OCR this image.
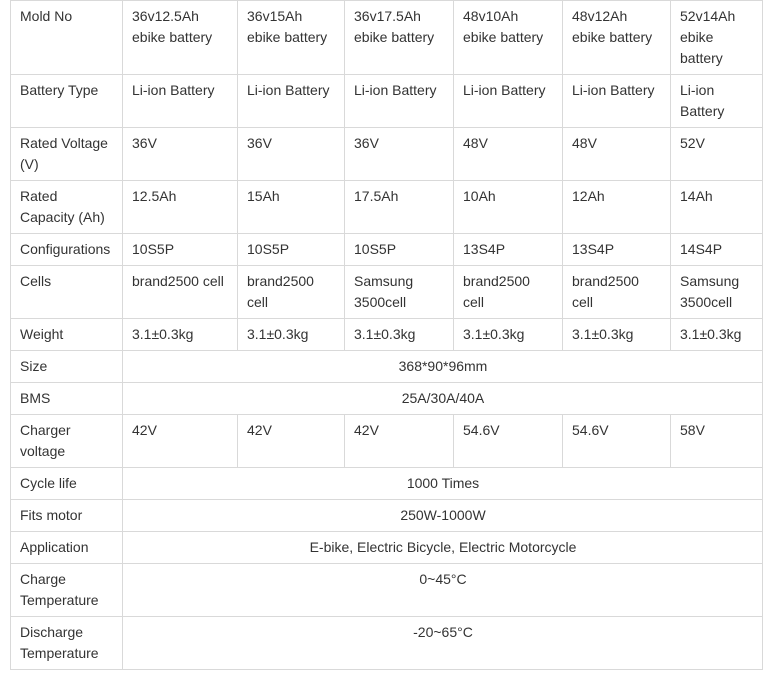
Mold No	36v12.5Ah ebike battery	36v15Ah ebike battery	36v17.5Ah ebike battery	48v10Ah ebike battery	48v12Ah ebike battery	52v14Ah ebike battery
Battery Type	Li-ion Battery	Li-ion Battery	Li-ion Battery	Li-ion Battery	Li-ion Battery	Li-ion Battery
Rated Voltage (V)	36V	36V	36V	48V	48V	52V
Rated Capacity (Ah)	12.5Ah	15Ah	17.5Ah	10Ah	12Ah	14Ah
Configurations	10S5P	10S5P	10S5P	13S4P	13S4P	14S4P
Cells	brand2500 cell	brand2500 cell	Samsung 3500cell	brand2500 cell	brand2500 cell	Samsung 3500cell
Weight	3.1±0.3kg	3.1±0.3kg	3.1±0.3kg	3.1±0.3kg	3.1±0.3kg	3.1±0.3kg
Size	368*90*96mm					
BMS	25A/30A/40A					
Charger voltage	42V	42V	42V	54.6V	54.6V	58V
Cycle life	1000 Times					
Fits motor	250W-1000W					
Application	E-bike, Electric Bicycle, Electric Motorcycle					
Charge Temperature	0~45°C					
Discharge Temperature	-20~65°C					
